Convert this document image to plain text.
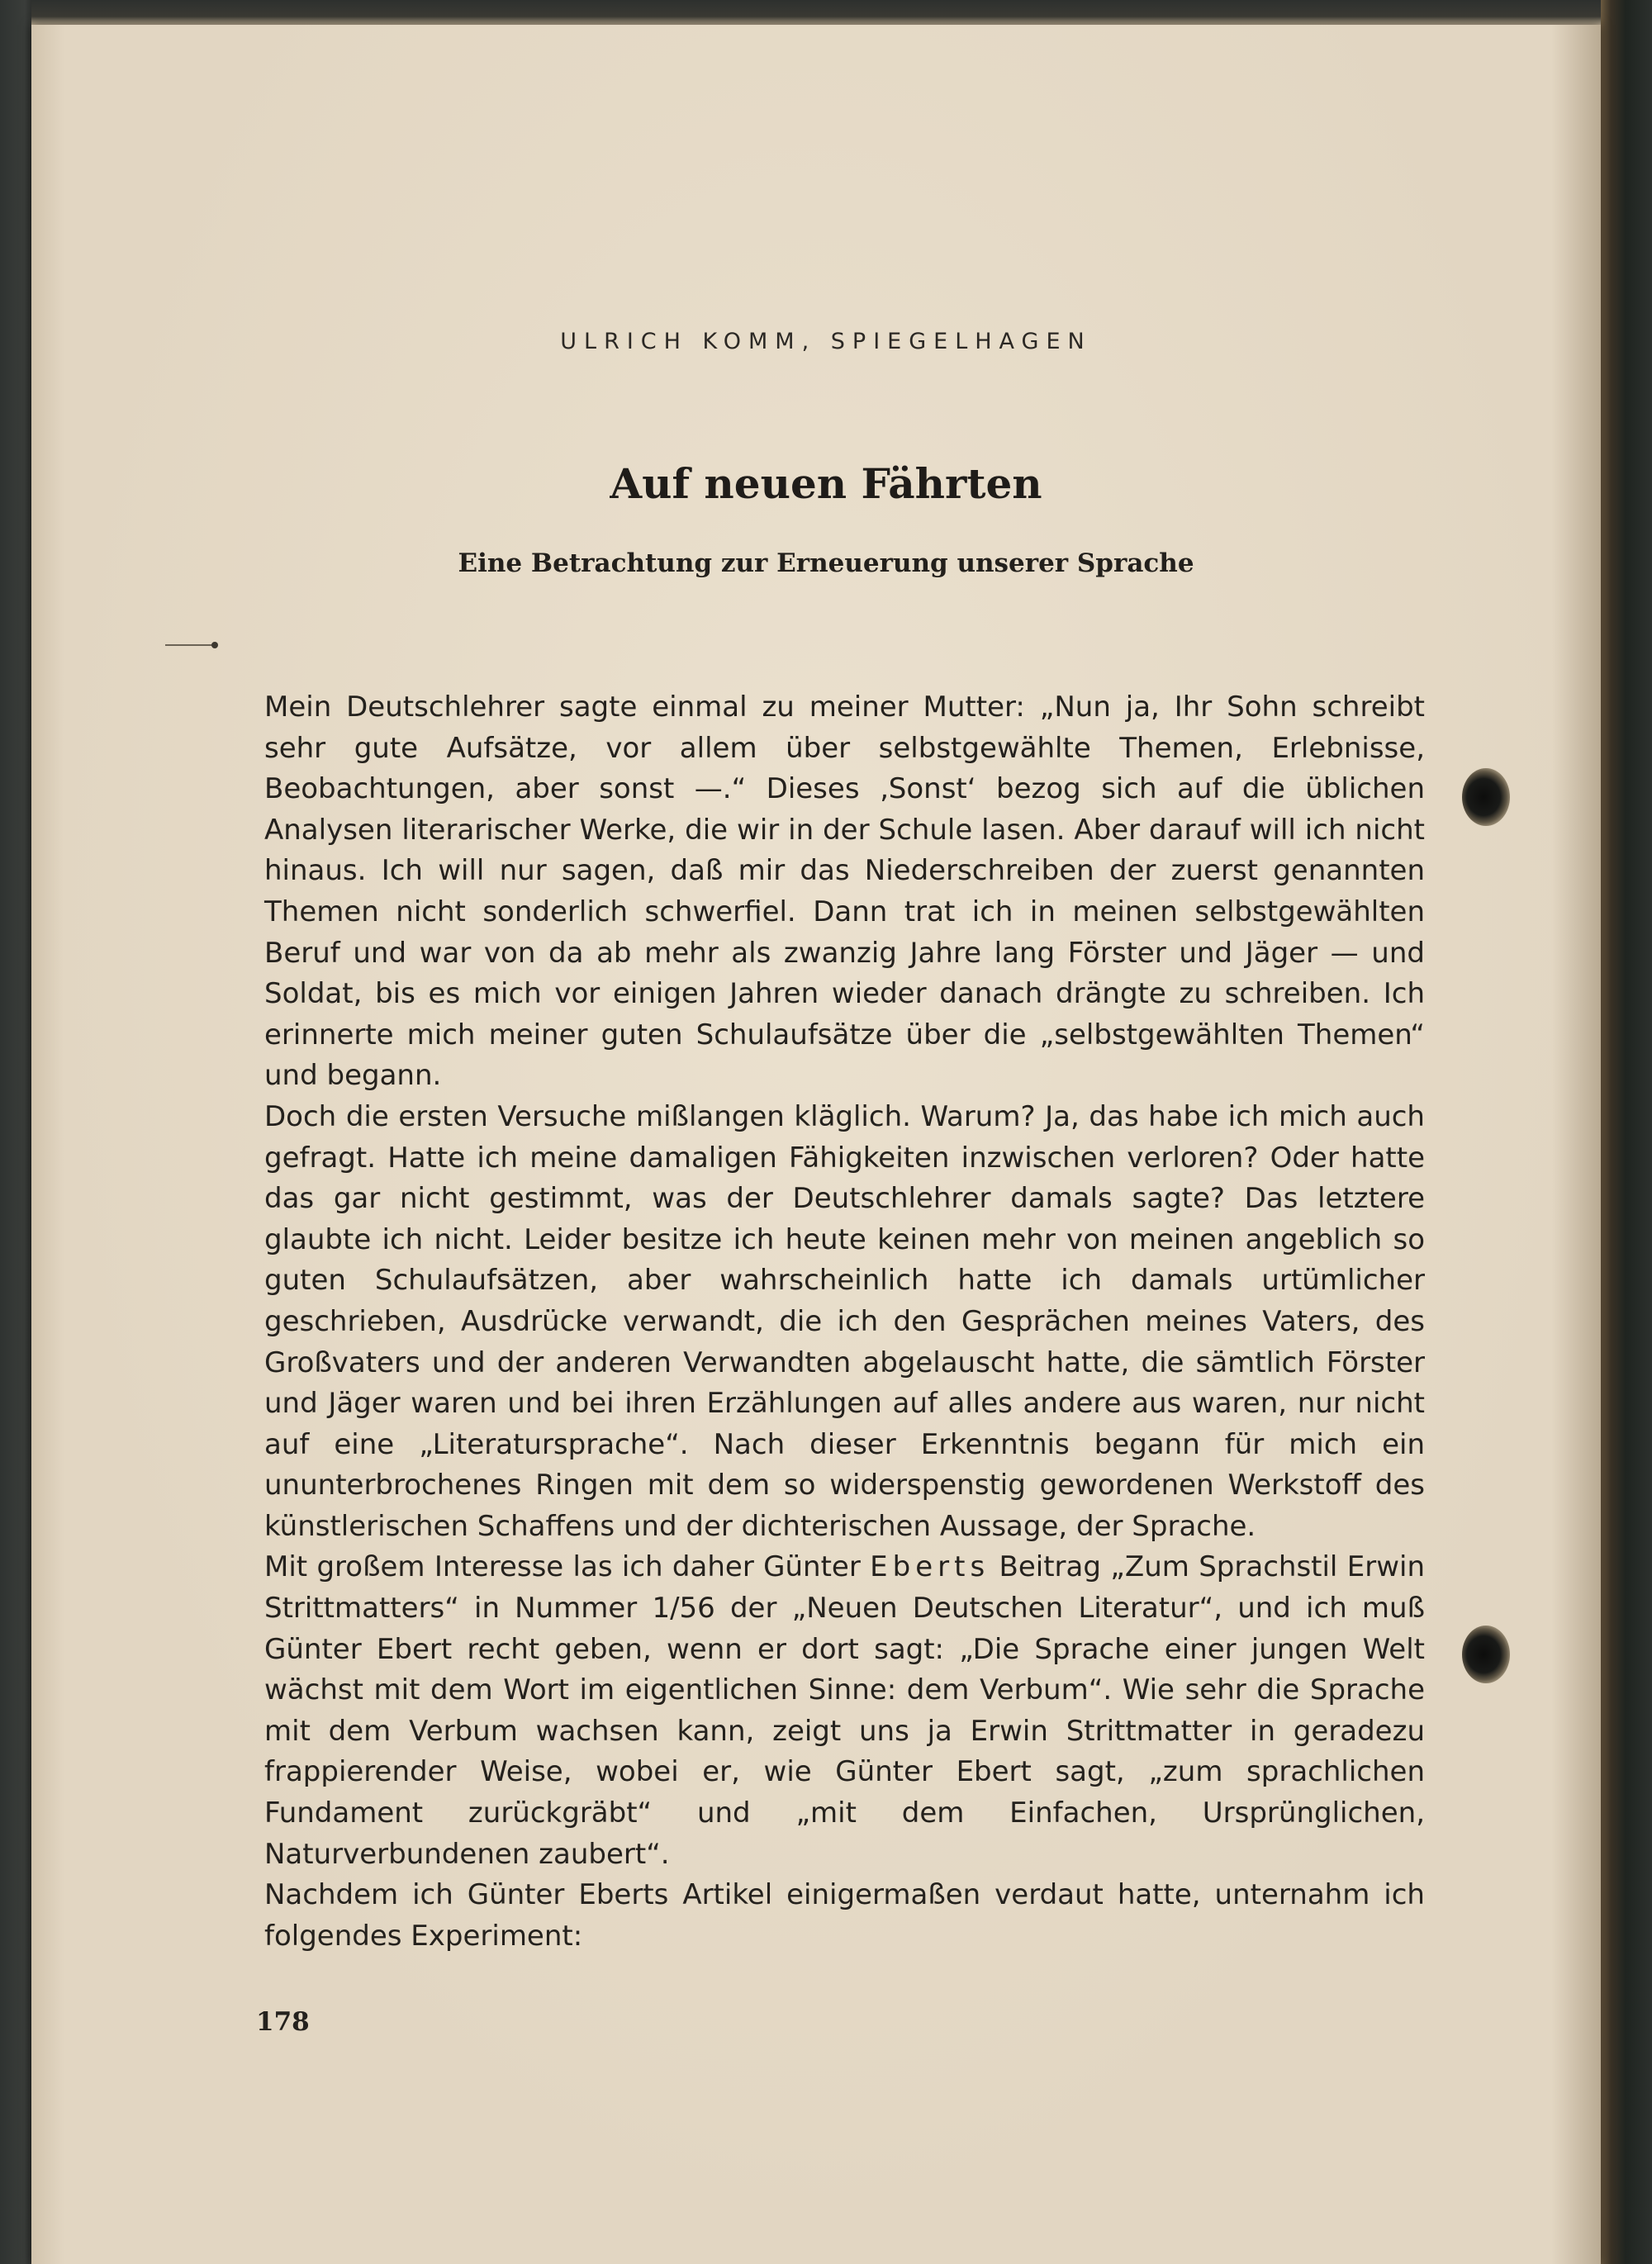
ULRICH KOMM, SPIEGELHAGEN
Auf neuen Fährten
Eine Betrachtung zur Erneuerung unserer Sprache

Mein Deutschlehrer sagte einmal zu meiner Mutter: „Nun ja, Ihr Sohn schreibt sehr gute Aufsätze, vor allem über selbstgewählte Themen, Erlebnisse, Beobachtungen, aber sonst —.“ Dieses ‚Sonst‘ bezog sich auf die üblichen Analysen literarischer Werke, die wir in der Schule lasen. Aber darauf will ich nicht hinaus. Ich will nur sagen, daß mir das Niederschreiben der zuerst genannten Themen nicht sonderlich schwerfiel. Dann trat ich in meinen selbstgewählten Beruf und war von da ab mehr als zwanzig Jahre lang Förster und Jäger — und Soldat, bis es mich vor einigen Jahren wieder danach drängte zu schreiben. Ich erinnerte mich meiner guten Schulaufsätze über die „selbstgewählten Themen“ und begann.

Doch die ersten Versuche mißlangen kläglich. Warum? Ja, das habe ich mich auch gefragt. Hatte ich meine damaligen Fähigkeiten inzwischen verloren? Oder hatte das gar nicht gestimmt, was der Deutschlehrer damals sagte? Das letztere glaubte ich nicht. Leider besitze ich heute keinen mehr von meinen angeblich so guten Schulaufsätzen, aber wahrscheinlich hatte ich damals urtümlicher geschrieben, Ausdrücke verwandt, die ich den Gesprächen meines Vaters, des Großvaters und der anderen Verwandten abgelauscht hatte, die sämtlich Förster und Jäger waren und bei ihren Erzählungen auf alles andere aus waren, nur nicht auf eine „Literatursprache“. Nach dieser Erkenntnis begann für mich ein ununterbrochenes Ringen mit dem so widerspenstig gewordenen Werkstoff des künstlerischen Schaffens und der dichterischen Aussage, der Sprache.

Mit großem Interesse las ich daher Günter Eberts Beitrag „Zum Sprachstil Erwin Strittmatters“ in Nummer 1/56 der „Neuen Deutschen Literatur“, und ich muß Günter Ebert recht geben, wenn er dort sagt: „Die Sprache einer jungen Welt wächst mit dem Wort im eigentlichen Sinne: dem Verbum“. Wie sehr die Sprache mit dem Verbum wachsen kann, zeigt uns ja Erwin Strittmatter in geradezu frappierender Weise, wobei er, wie Günter Ebert sagt, „zum sprachlichen Fundament zurückgräbt“ und „mit dem Einfachen, Ursprünglichen, Naturverbundenen zaubert“.

Nachdem ich Günter Eberts Artikel einigermaßen verdaut hatte, unternahm ich folgendes Experiment:

178
